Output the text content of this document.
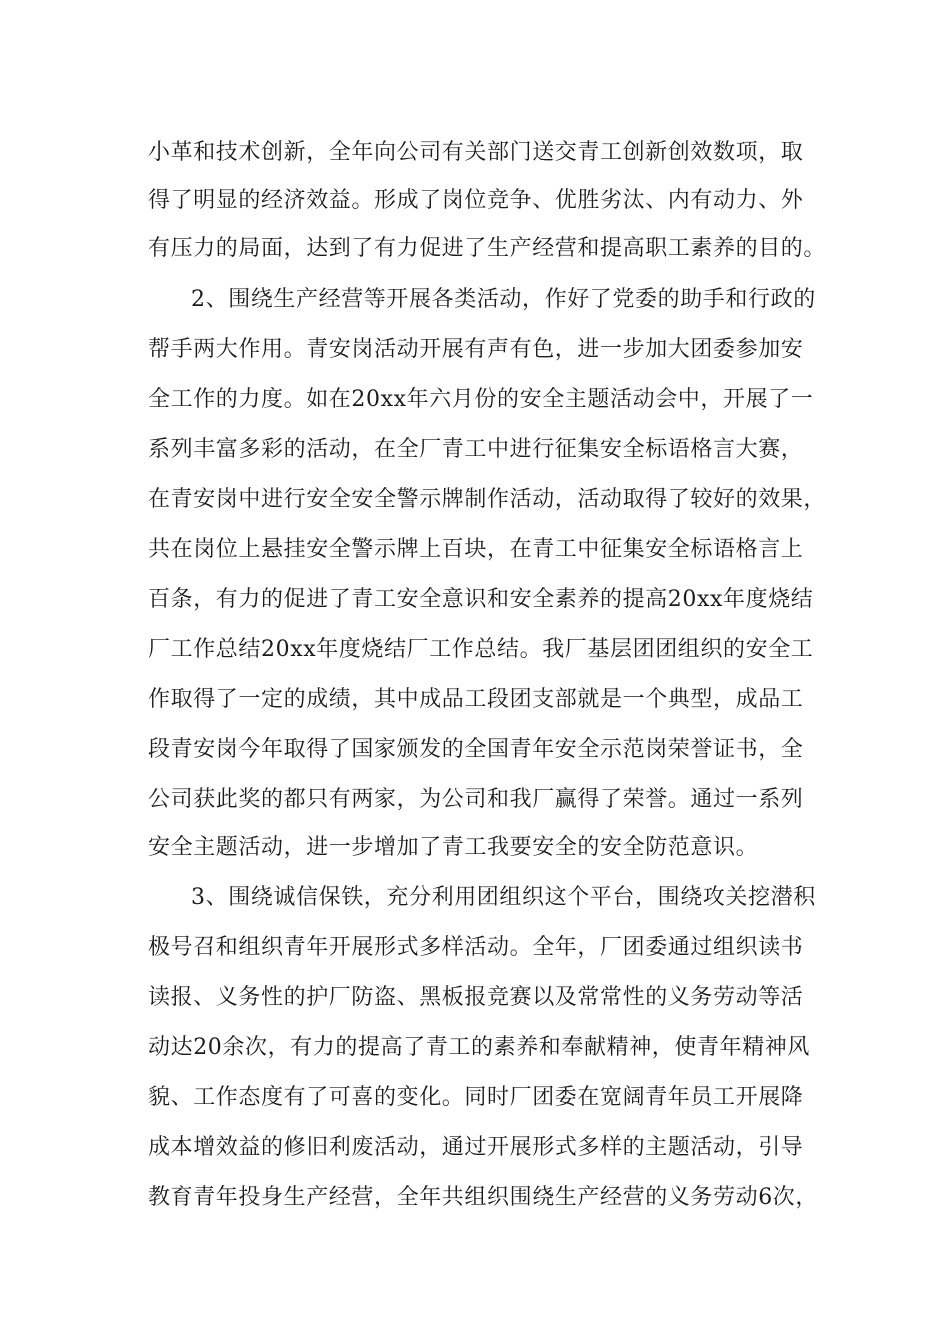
小革和技术创新，全年向公司有关部门送交青工创新创效数项，取
得了明显的经济效益。形成了岗位竞争、优胜劣汰、内有动力、外
有压力的局面，达到了有力促进了生产经营和提高职工素养的目的。
2、围绕生产经营等开展各类活动，作好了党委的助手和行政的
帮手两大作用。青安岗活动开展有声有色，进一步加大团委参加安
全工作的力度。如在20xx年六月份的安全主题活动会中，开展了一
系列丰富多彩的活动，在全厂青工中进行征集安全标语格言大赛，
在青安岗中进行安全安全警示牌制作活动，活动取得了较好的效果，
共在岗位上悬挂安全警示牌上百块，在青工中征集安全标语格言上
百条，有力的促进了青工安全意识和安全素养的提高20xx年度烧结
厂工作总结20xx年度烧结厂工作总结。我厂基层团团组织的安全工
作取得了一定的成绩，其中成品工段团支部就是一个典型，成品工
段青安岗今年取得了国家颁发的全国青年安全示范岗荣誉证书，全
公司获此奖的都只有两家，为公司和我厂赢得了荣誉。通过一系列
安全主题活动，进一步增加了青工我要安全的安全防范意识。
3、围绕诚信保铁，充分利用团组织这个平台，围绕攻关挖潜积
极号召和组织青年开展形式多样活动。全年，厂团委通过组织读书
读报、义务性的护厂防盗、黑板报竞赛以及常常性的义务劳动等活
动达20余次，有力的提高了青工的素养和奉献精神，使青年精神风
貌、工作态度有了可喜的变化。同时厂团委在宽阔青年员工开展降
成本增效益的修旧利废活动，通过开展形式多样的主题活动，引导
教育青年投身生产经营，全年共组织围绕生产经营的义务劳动6次，
